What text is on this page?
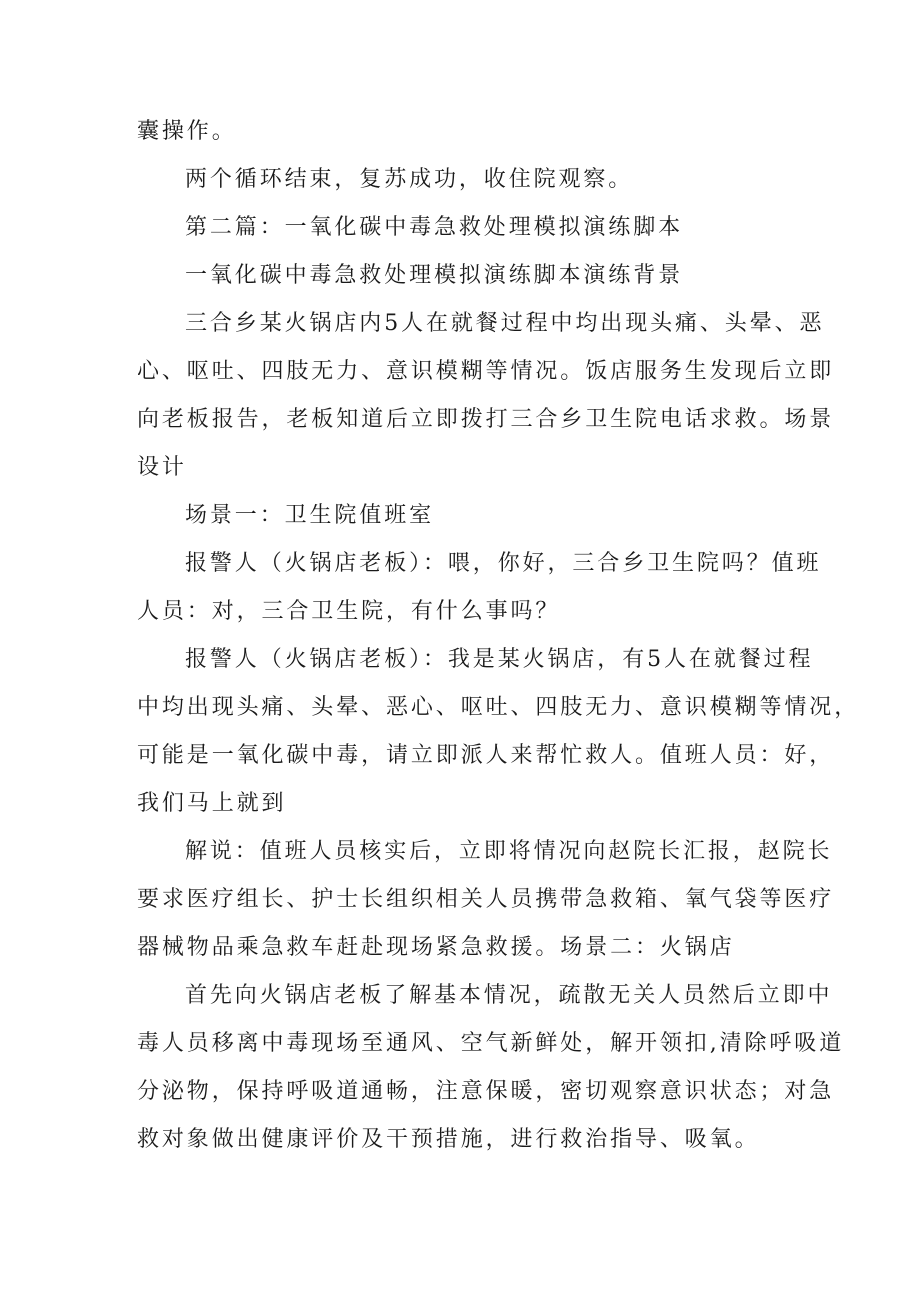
囊操作。
两个循环结束，复苏成功，收住院观察。
第二篇：一氧化碳中毒急救处理模拟演练脚本
一氧化碳中毒急救处理模拟演练脚本演练背景
三合乡某火锅店内5人在就餐过程中均出现头痛、头晕、恶
心、呕吐、四肢无力、意识模糊等情况。饭店服务生发现后立即
向老板报告，老板知道后立即拨打三合乡卫生院电话求救。场景
设计
场景一：卫生院值班室
报警人（火锅店老板）：喂，你好，三合乡卫生院吗？值班
人员：对，三合卫生院，有什么事吗？
报警人（火锅店老板）：我是某火锅店，有5人在就餐过程
中均出现头痛、头晕、恶心、呕吐、四肢无力、意识模糊等情况，
可能是一氧化碳中毒，请立即派人来帮忙救人。值班人员：好，
我们马上就到
解说：值班人员核实后，立即将情况向赵院长汇报，赵院长
要求医疗组长、护士长组织相关人员携带急救箱、氧气袋等医疗
器械物品乘急救车赶赴现场紧急救援。场景二：火锅店
首先向火锅店老板了解基本情况，疏散无关人员然后立即中
毒人员移离中毒现场至通风、空气新鲜处，解开领扣,清除呼吸道
分泌物，保持呼吸道通畅，注意保暖，密切观察意识状态；对急
救对象做出健康评价及干预措施，进行救治指导、吸氧。
